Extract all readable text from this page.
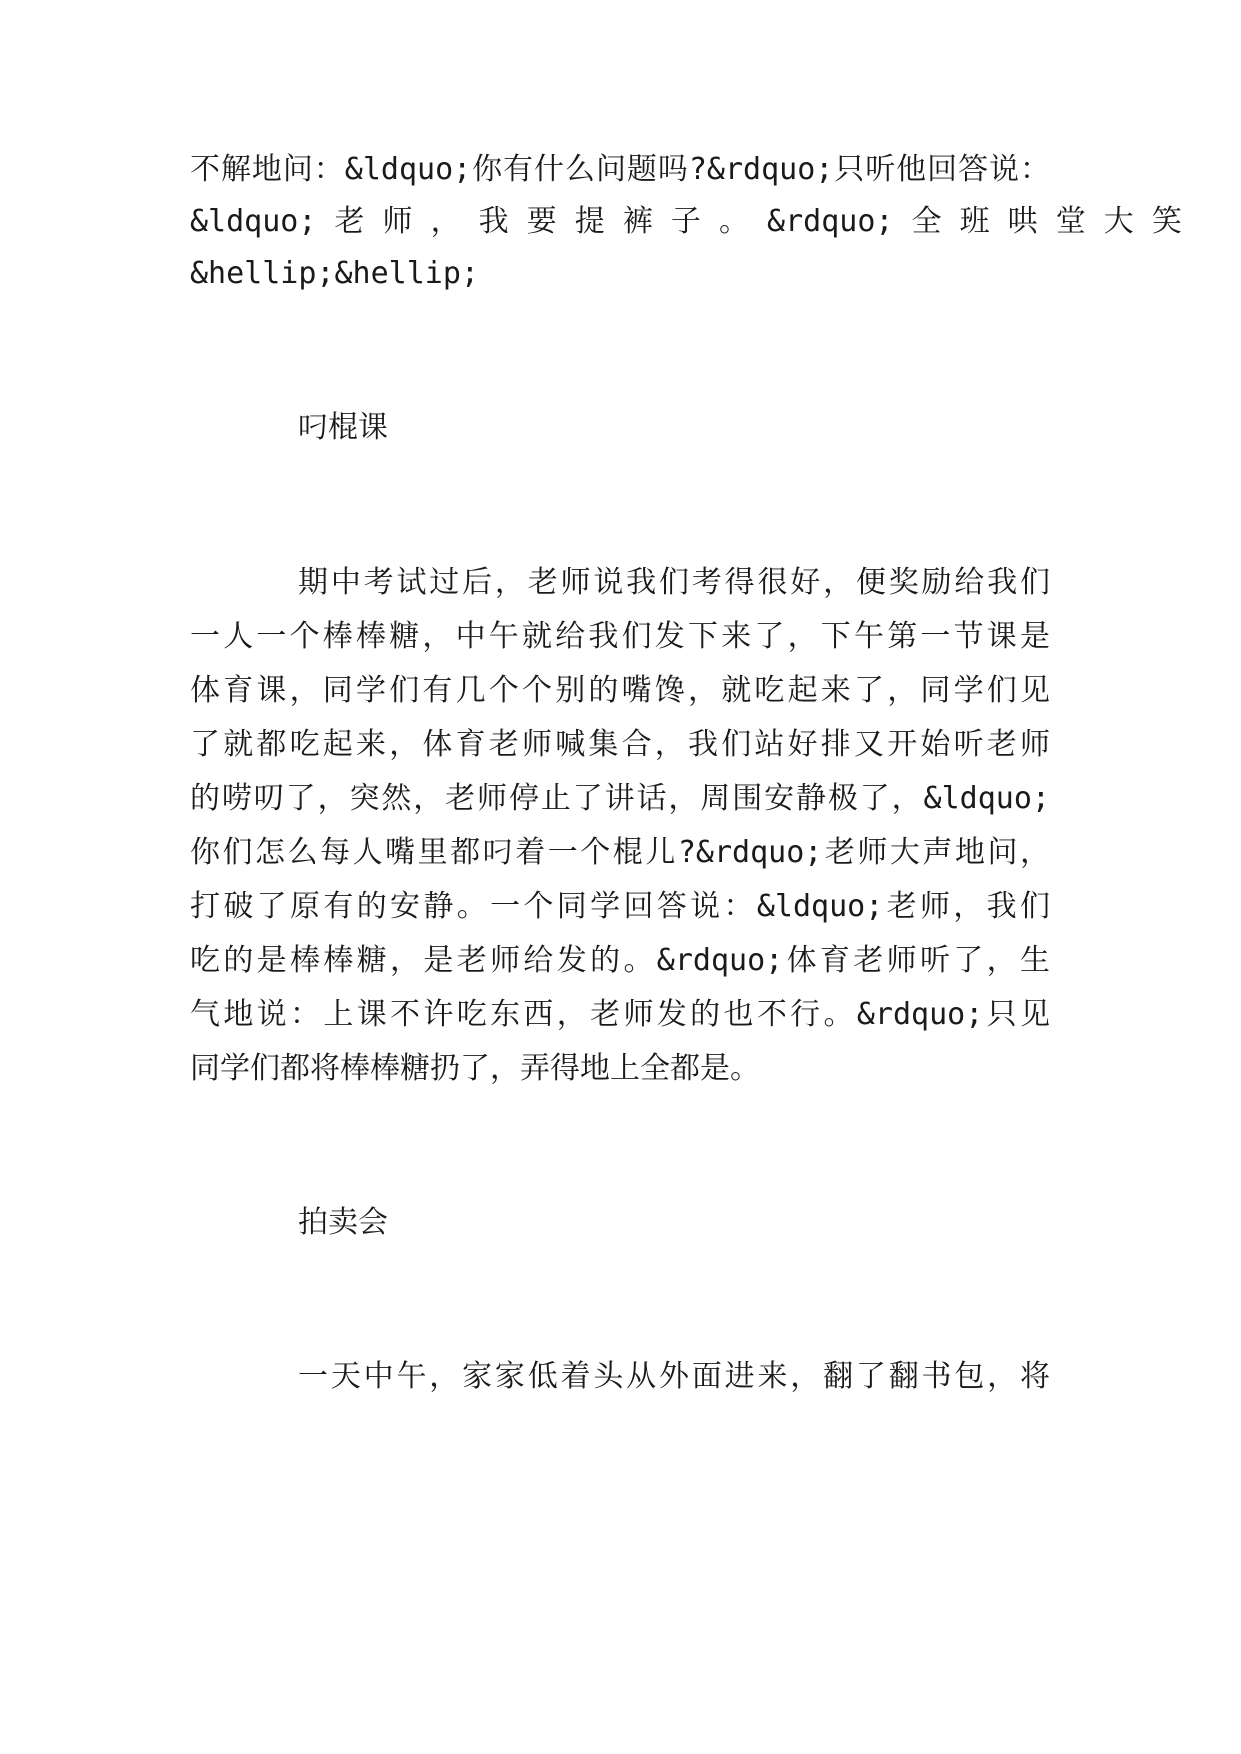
不解地问：&ldquo;你有什么问题吗?&rdquo;只听他回答说：
&ldquo; 老 师 ， 我 要 提 裤 子 。 &rdquo; 全 班 哄 堂 大 笑
&hellip;&hellip;
叼棍课
期中考试过后，老师说我们考得很好，便奖励给我们
一人一个棒棒糖，中午就给我们发下来了，下午第一节课是
体育课，同学们有几个个别的嘴馋，就吃起来了，同学们见
了就都吃起来，体育老师喊集合，我们站好排又开始听老师
的唠叨了，突然，老师停止了讲话，周围安静极了，&ldquo;
你们怎么每人嘴里都叼着一个棍儿?&rdquo;老师大声地问，
打破了原有的安静。一个同学回答说：&ldquo;老师，我们
吃的是棒棒糖，是老师给发的。&rdquo;体育老师听了，生
气地说：上课不许吃东西，老师发的也不行。&rdquo;只见
同学们都将棒棒糖扔了，弄得地上全都是。
拍卖会
一天中午，家家低着头从外面进来，翻了翻书包，将
